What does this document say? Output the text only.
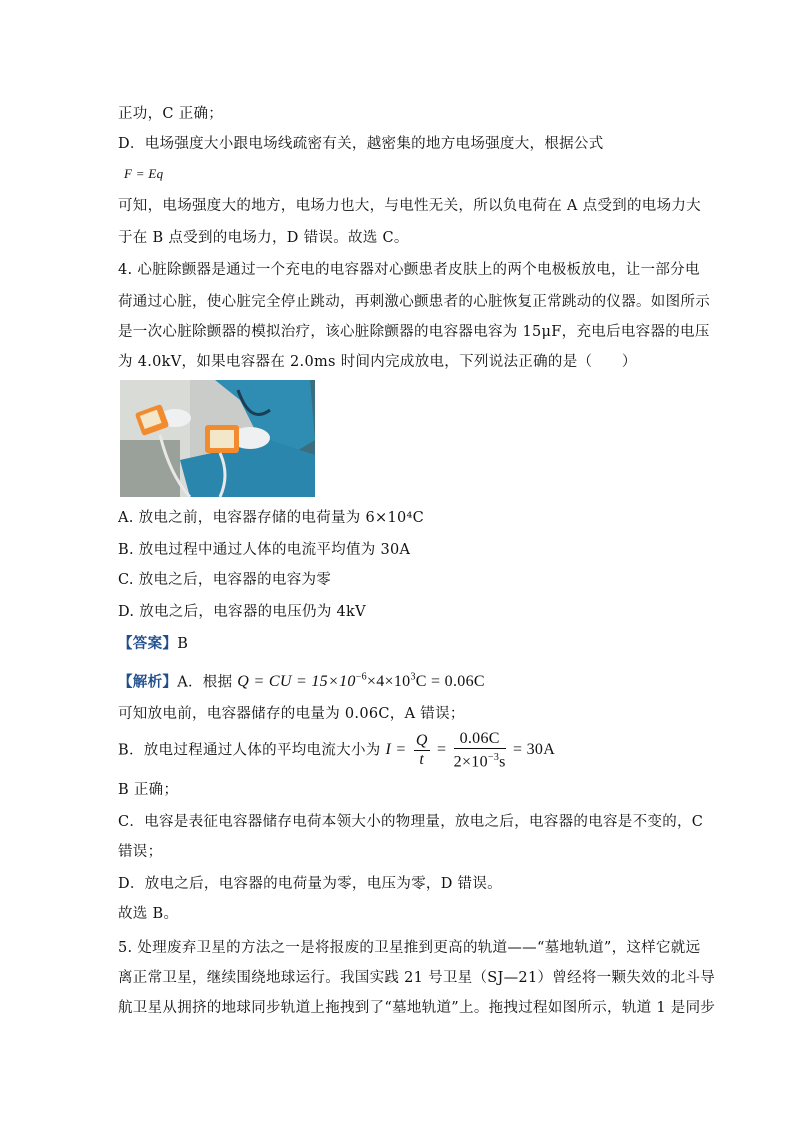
正功，C 正确；
D．电场强度大小跟电场线疏密有关，越密集的地方电场强度大，根据公式
F = Eq
可知，电场强度大的地方，电场力也大，与电性无关，所以负电荷在 A 点受到的电场力大
于在 B 点受到的电场力，D 错误。故选 C。
4. 心脏除颤器是通过一个充电的电容器对心颤患者皮肤上的两个电极板放电，让一部分电
荷通过心脏，使心脏完全停止跳动，再刺激心颤患者的心脏恢复正常跳动的仪器。如图所示
是一次心脏除颤器的模拟治疗，该心脏除颤器的电容器电容为 15μF，充电后电容器的电压
为 4.0kV，如果电容器在 2.0ms 时间内完成放电，下列说法正确的是（　　）
A. 放电之前，电容器存储的电荷量为 6×10⁴C
B. 放电过程中通过人体的电流平均值为 30A
C. 放电之后，电容器的电容为零
D. 放电之后，电容器的电压仍为 4kV
【答案】B
【解析】A．根据 Q = CU = $15\times 10^{-6}\times 4\times 10^3C = 0.06C$
可知放电前，电容器储存的电量为 0.06C，A 错误；
B．放电过程通过人体的平均电流大小为 $I = \frac{Q}{t} = \frac{0.06C}{2\times 10^{-3}s} = 30A$
B 正确；
C．电容是表征电容器储存电荷本领大小的物理量，放电之后，电容器的电容是不变的，C
错误；
D．放电之后，电容器的电荷量为零，电压为零，D 错误。
故选 B。
5. 处理废弃卫星的方法之一是将报废的卫星推到更高的轨道——“墓地轨道”，这样它就远
离正常卫星，继续围绕地球运行。我国实践 21 号卫星（SJ—21）曾经将一颗失效的北斗导
航卫星从拥挤的地球同步轨道上拖拽到了“墓地轨道”上。拖拽过程如图所示，轨道 1 是同步
